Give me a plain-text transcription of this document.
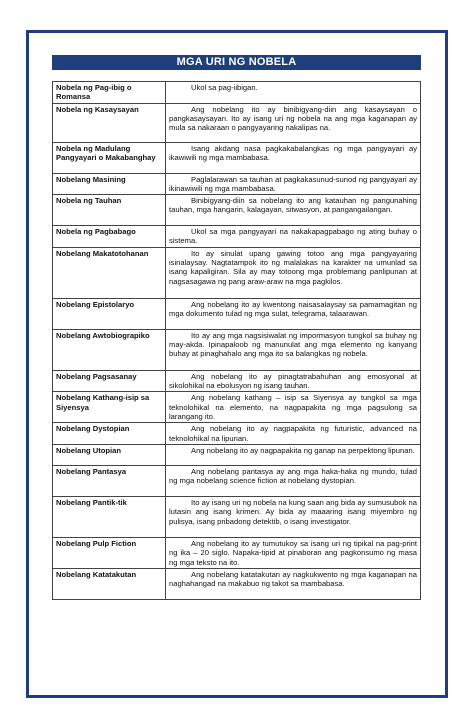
MGA URI NG NOBELA
Nobela ng Pag-ibig o Romansa	Ukol sa pag-iibigan.
Nobela ng Kasaysayan	Ang nobelang ito ay binibigyang-diin ang kasaysayan o pangkasaysayan. Ito ay isang uri ng nobela na ang mga kaganapan ay mula sa nakaraan o pangyayaring nakalipas na.
Nobela ng Madulang Pangyayari o Makabanghay	Isang akdang nasa pagkakabalangkas ng mga pangyayari ay ikawiwili ng mga mambabasa.
Nobelang Masining	Paglalarawan sa tauhan at pagkakasunud-sunod ng pangyayari ay ikinawiwili ng mga mambabasa.
Nobela ng Tauhan	Binibigyang-diin sa nobelang ito ang katauhan ng pangunahing tauhan, mga hangarin, kalagayan, sitwasyon, at pangangailangan.
Nobela ng Pagbabago	Ukol sa mga pangyayari na nakakapagpabago ng ating buhay o sistema.
Nobelang Makatotohanan	Ito ay sinulat upang gawing totoo ang mga pangyayaring isinalaysay. Nagtatampok ito ng malalakas na karakter na umunlad sa isang kapaligiran. Sila ay may totoong mga problemang panlipunan at nagsasagawa ng pang araw-araw na mga pagkilos.
Nobelang Epistolaryo	Ang nobelang ito ay kwentong naisasalaysay sa pamamagitan ng mga dokumento tulad ng mga sulat, telegrama, talaarawan.
Nobelang Awtobiograpiko	Ito ay ang mga nagsisiwalat ng impormasyon tungkol sa buhay ng may-akda. Ipinapaloob ng manunulat ang mga elemento ng kanyang buhay at pinaghahalo ang mga ito sa balangkas ng nobela.
Nobelang Pagsasanay	Ang nobelang ito ay pinagtatrabahuhan ang emosyonal at sikolohikal na ebolusyon ng isang tauhan.
Nobelang Kathang-isip sa Siyensya	Ang nobelang kathang – isip sa Siyensya ay tungkol sa mga teknolohikal na elemento, na nagpapakita ng mga pagsulong sa larangang ito.
Nobelang Dystopian	Ang nobelang ito ay nagpapakita ng futuristic, advanced na teknolohikal na lipunan.
Nobelang Utopian	Ang nobelang ito ay nagpapakita ng ganap na perpektong lipunan.
Nobelang Pantasya	Ang nobelang pantasya ay ang mga haka-haka ng mundo, tulad ng mga nobelang science fiction at nobelang dystopian.
Nobelang Pantik-tik	Ito ay isang uri ng nobela na kung saan ang bida ay sumusubok na lutasin ang isang krimen. Ay bida ay maaaring isang miyembro ng pulisya, isang pribadong detektib, o isang investigator.
Nobelang Pulp Fiction	Ang nobelang ito ay tumutukoy sa isang uri ng tipikal na pag-print ng ika – 20 siglo. Napaka-tipid at pinaboran ang pagkonsumo ng masa ng mga teksto na ito.
Nobelang Katatakutan	Ang nobelang katatakutan ay nagkukwento ng mga kaganapan na naghahangad na makabuo ng takot sa mambabasa.
